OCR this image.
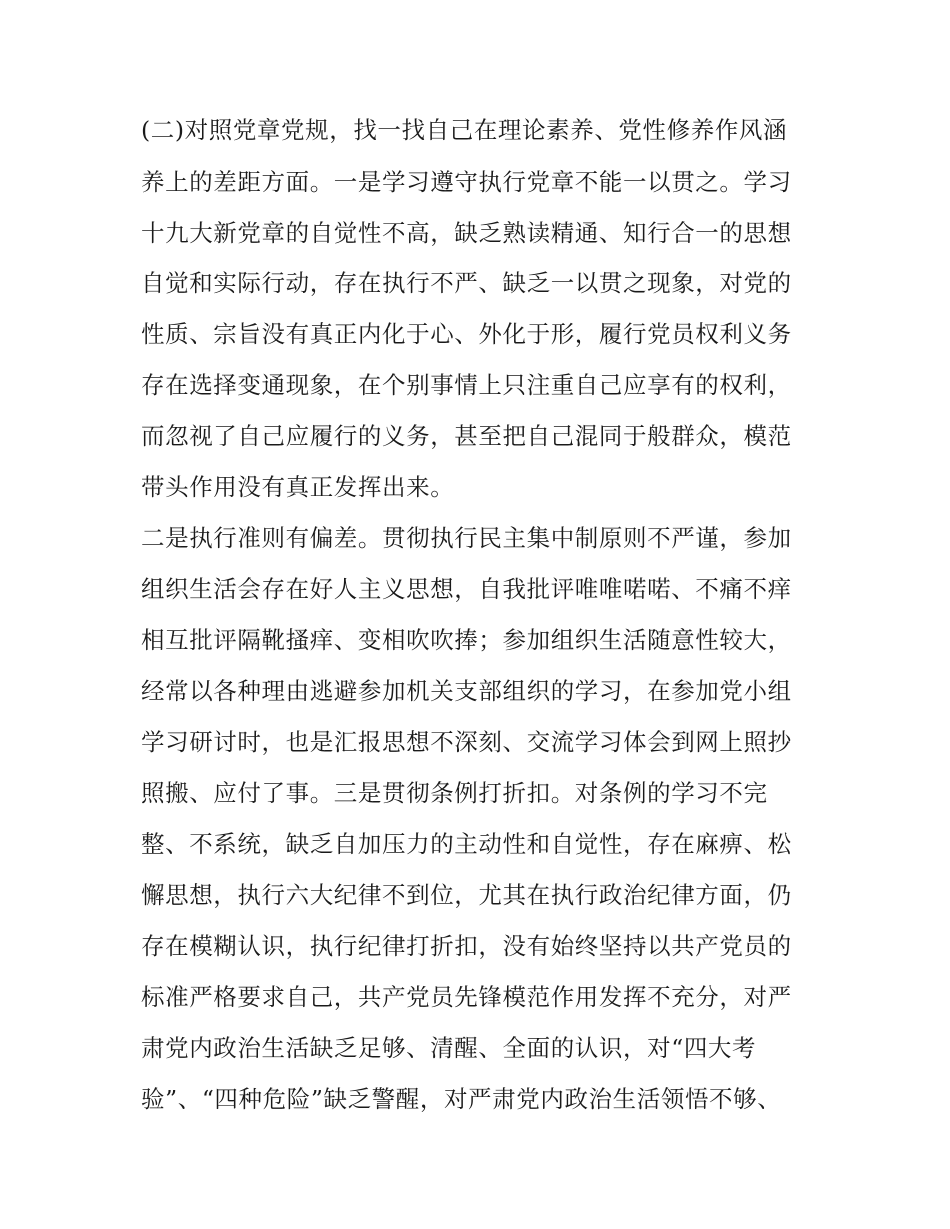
(二)对照党章党规，找一找自己在理论素养、党性修养作风涵
养上的差距方面。一是学习遵守执行党章不能一以贯之。学习
十九大新党章的自觉性不高，缺乏熟读精通、知行合一的思想
自觉和实际行动，存在执行不严、缺乏一以贯之现象，对党的
性质、宗旨没有真正内化于心、外化于形，履行党员权利义务
存在选择变通现象，在个别事情上只注重自己应享有的权利，
而忽视了自己应履行的义务，甚至把自己混同于般群众，模范
带头作用没有真正发挥出来。
二是执行准则有偏差。贯彻执行民主集中制原则不严谨，参加
组织生活会存在好人主义思想，自我批评唯唯喏喏、不痛不痒
相互批评隔靴搔痒、变相吹吹捧；参加组织生活随意性较大，
经常以各种理由逃避参加机关支部组织的学习，在参加党小组
学习研讨时，也是汇报思想不深刻、交流学习体会到网上照抄
照搬、应付了事。三是贯彻条例打折扣。对条例的学习不完
整、不系统，缺乏自加压力的主动性和自觉性，存在麻痹、松
懈思想，执行六大纪律不到位，尤其在执行政治纪律方面，仍
存在模糊认识，执行纪律打折扣，没有始终坚持以共产党员的
标准严格要求自己，共产党员先锋模范作用发挥不充分，对严
肃党内政治生活缺乏足够、清醒、全面的认识，对“四大考
验”、“四种危险”缺乏警醒，对严肃党内政治生活领悟不够、
